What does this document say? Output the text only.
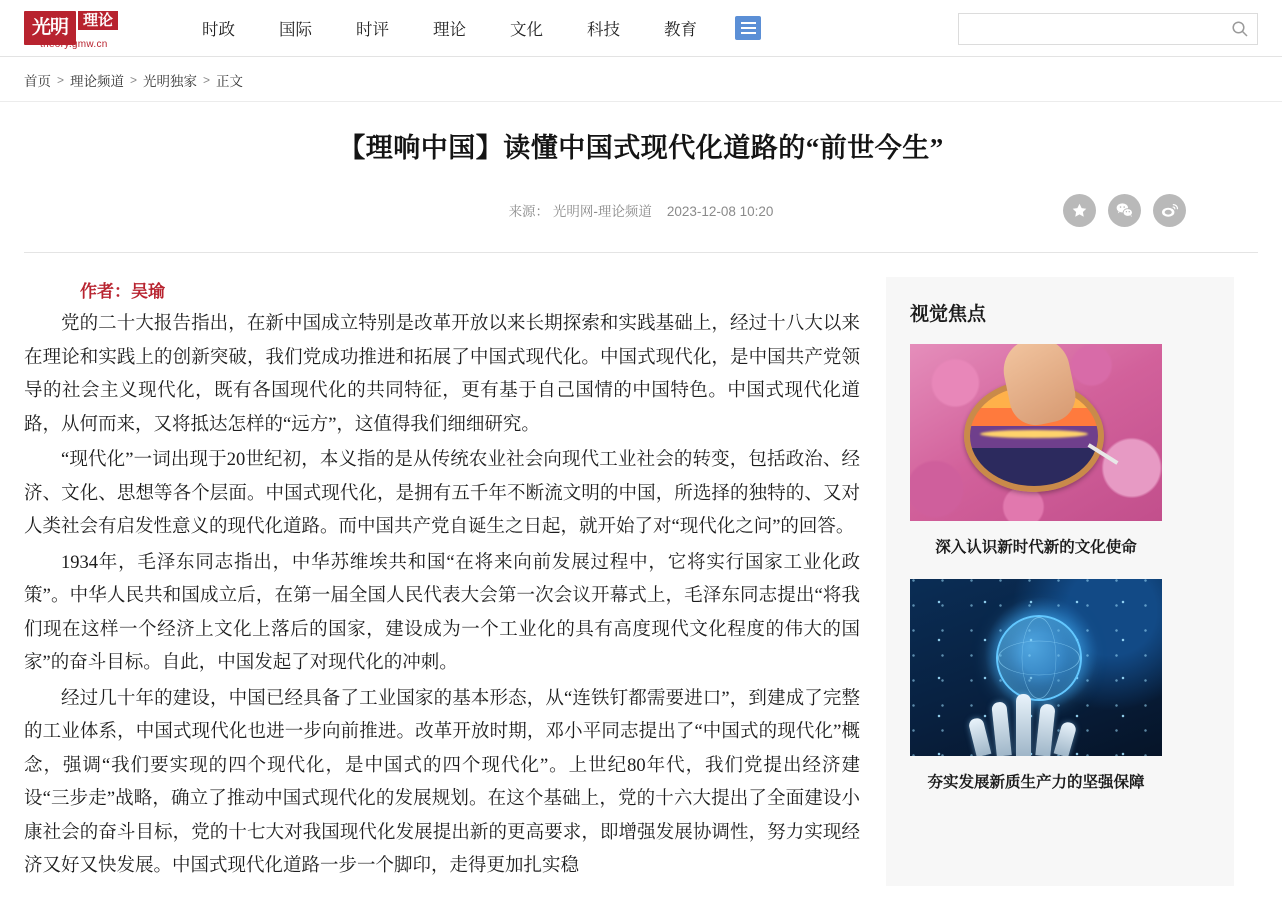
光明	理论
theory.gmw.cn
时政	国际	时评	理论	文化	科技	教育
首页 > 理论频道 > 光明独家 > 正文
【理响中国】读懂中国式现代化道路的“前世今生”
来源： 光明网-理论频道 2023-12-08 10:20
作者：吴瑜

党的二十大报告指出，在新中国成立特别是改革开放以来长期探索和实践基础上，经过十八大以来在理论和实践上的创新突破，我们党成功推进和拓展了中国式现代化。中国式现代化，是中国共产党领导的社会主义现代化，既有各国现代化的共同特征，更有基于自己国情的中国特色。中国式现代化道路，从何而来，又将抵达怎样的“远方”，这值得我们细细研究。

“现代化”一词出现于20世纪初，本义指的是从传统农业社会向现代工业社会的转变，包括政治、经济、文化、思想等各个层面。中国式现代化，是拥有五千年不断流文明的中国，所选择的独特的、又对人类社会有启发性意义的现代化道路。而中国共产党自诞生之日起，就开始了对“现代化之问”的回答。

1934年，毛泽东同志指出，中华苏维埃共和国“在将来向前发展过程中，它将实行国家工业化政策”。中华人民共和国成立后，在第一届全国人民代表大会第一次会议开幕式上，毛泽东同志提出“将我们现在这样一个经济上文化上落后的国家，建设成为一个工业化的具有高度现代文化程度的伟大的国家”的奋斗目标。自此，中国发起了对现代化的冲刺。

经过几十年的建设，中国已经具备了工业国家的基本形态，从“连铁钉都需要进口”，到建成了完整的工业体系，中国式现代化也进一步向前推进。改革开放时期，邓小平同志提出了“中国式的现代化”概念，强调“我们要实现的四个现代化，是中国式的四个现代化”。上世纪80年代，我们党提出经济建设“三步走”战略，确立了推动中国式现代化的发展规划。在这个基础上，党的十六大提出了全面建设小康社会的奋斗目标，党的十七大对我国现代化发展提出新的更高要求，即增强发展协调性，努力实现经济又好又快发展。中国式现代化道路一步一个脚印，走得更加扎实稳

视觉焦点
深入认识新时代新的文化使命
夯实发展新质生产力的坚强保障
